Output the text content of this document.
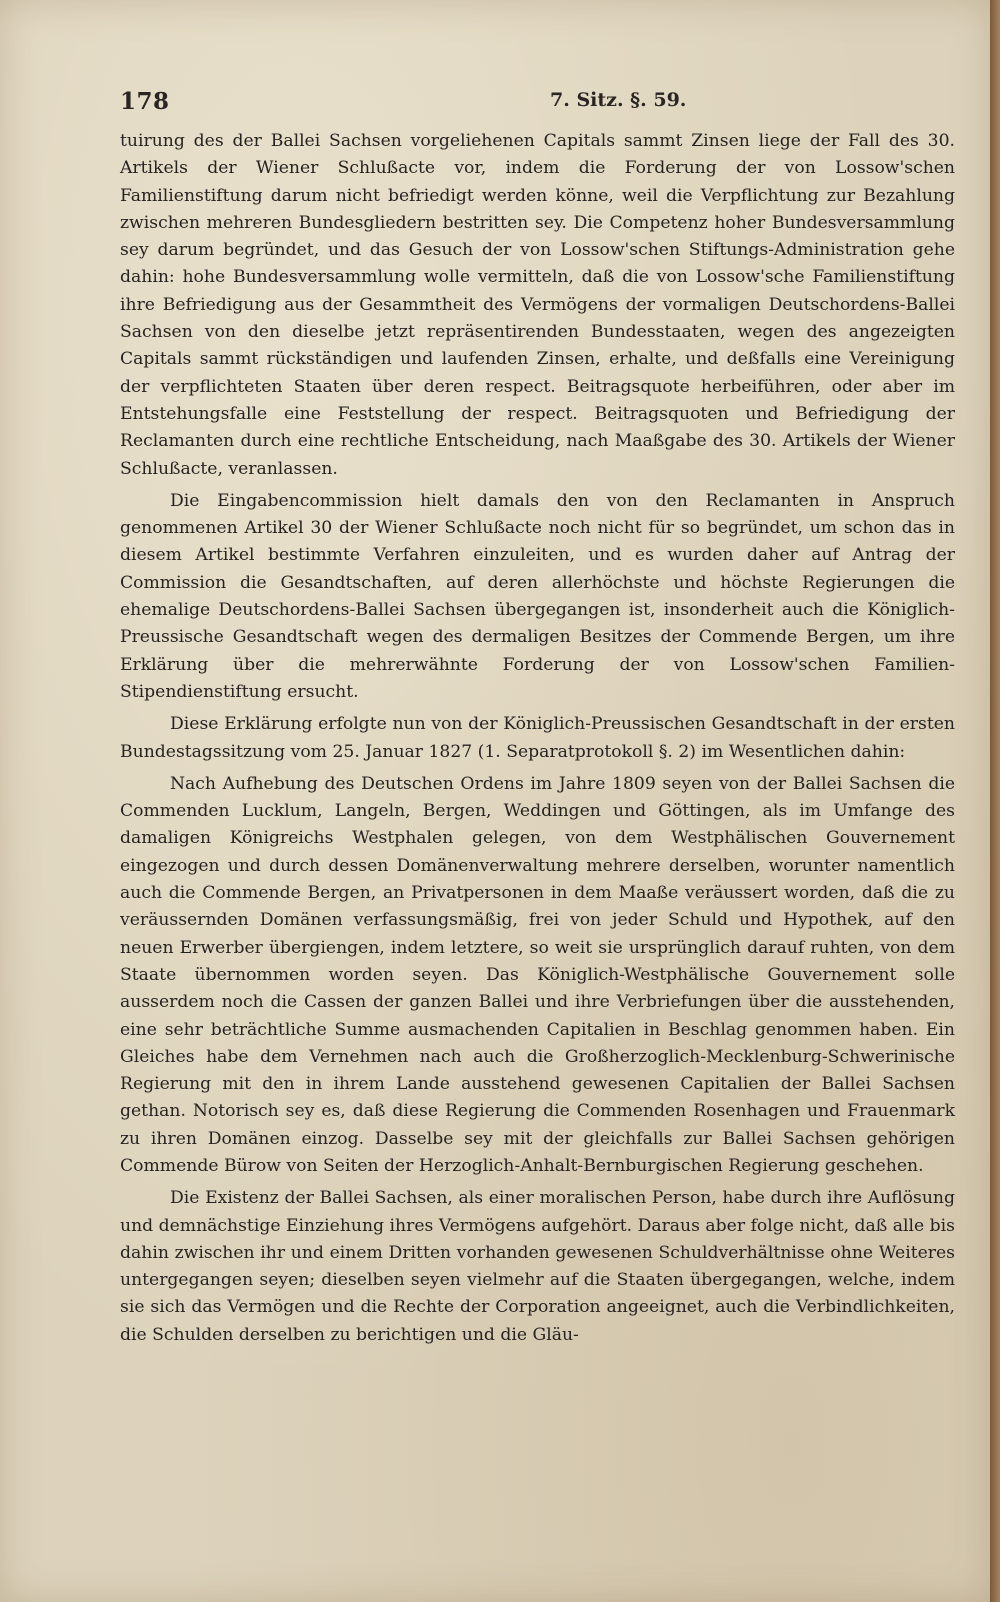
178	7. Sitz. §. 59.

tuirung des der Ballei Sachsen vorgeliehenen Capitals sammt Zinsen liege der Fall des 30. Artikels der Wiener Schlußacte vor, indem die Forderung der von Lossow'schen Familienstiftung darum nicht befriedigt werden könne, weil die Verpflichtung zur Bezahlung zwischen mehreren Bundesgliedern bestritten sey. Die Competenz hoher Bundesversammlung sey darum begründet, und das Gesuch der von Lossow'schen Stiftungs-Administration gehe dahin: hohe Bundesversammlung wolle vermitteln, daß die von Lossow'sche Familienstiftung ihre Befriedigung aus der Gesammtheit des Vermögens der vormaligen Deutschordens-Ballei Sachsen von den dieselbe jetzt repräsentirenden Bundesstaaten, wegen des angezeigten Capitals sammt rückständigen und laufenden Zinsen, erhalte, und deßfalls eine Vereinigung der verpflichteten Staaten über deren respect. Beitragsquote herbeiführen, oder aber im Entstehungsfalle eine Feststellung der respect. Beitragsquoten und Befriedigung der Reclamanten durch eine rechtliche Entscheidung, nach Maaßgabe des 30. Artikels der Wiener Schlußacte, veranlassen.

Die Eingabencommission hielt damals den von den Reclamanten in Anspruch genommenen Artikel 30 der Wiener Schlußacte noch nicht für so begründet, um schon das in diesem Artikel bestimmte Verfahren einzuleiten, und es wurden daher auf Antrag der Commission die Gesandtschaften, auf deren allerhöchste und höchste Regierungen die ehemalige Deutschordens-Ballei Sachsen übergegangen ist, insonderheit auch die Königlich-Preussische Gesandtschaft wegen des dermaligen Besitzes der Commende Bergen, um ihre Erklärung über die mehrerwähnte Forderung der von Lossow'schen Familien-Stipendienstiftung ersucht.

Diese Erklärung erfolgte nun von der Königlich-Preussischen Gesandtschaft in der ersten Bundestagssitzung vom 25. Januar 1827 (1. Separatprotokoll §. 2) im Wesentlichen dahin:

Nach Aufhebung des Deutschen Ordens im Jahre 1809 seyen von der Ballei Sachsen die Commenden Lucklum, Langeln, Bergen, Weddingen und Göttingen, als im Umfange des damaligen Königreichs Westphalen gelegen, von dem Westphälischen Gouvernement eingezogen und durch dessen Domänenverwaltung mehrere derselben, worunter namentlich auch die Commende Bergen, an Privatpersonen in dem Maaße veräussert worden, daß die zu veräussernden Domänen verfassungsmäßig, frei von jeder Schuld und Hypothek, auf den neuen Erwerber übergiengen, indem letztere, so weit sie ursprünglich darauf ruhten, von dem Staate übernommen worden seyen. Das Königlich-Westphälische Gouvernement solle ausserdem noch die Cassen der ganzen Ballei und ihre Verbriefungen über die ausstehenden, eine sehr beträchtliche Summe ausmachenden Capitalien in Beschlag genommen haben. Ein Gleiches habe dem Vernehmen nach auch die Großherzoglich-Mecklenburg-Schwerinische Regierung mit den in ihrem Lande ausstehend gewesenen Capitalien der Ballei Sachsen gethan. Notorisch sey es, daß diese Regierung die Commenden Rosenhagen und Frauenmark zu ihren Domänen einzog. Dasselbe sey mit der gleichfalls zur Ballei Sachsen gehörigen Commende Bürow von Seiten der Herzoglich-Anhalt-Bernburgischen Regierung geschehen.

Die Existenz der Ballei Sachsen, als einer moralischen Person, habe durch ihre Auflösung und demnächstige Einziehung ihres Vermögens aufgehört. Daraus aber folge nicht, daß alle bis dahin zwischen ihr und einem Dritten vorhanden gewesenen Schuldverhältnisse ohne Weiteres untergegangen seyen; dieselben seyen vielmehr auf die Staaten übergegangen, welche, indem sie sich das Vermögen und die Rechte der Corporation angeeignet, auch die Verbindlichkeiten, die Schulden derselben zu berichtigen und die Gläu-
